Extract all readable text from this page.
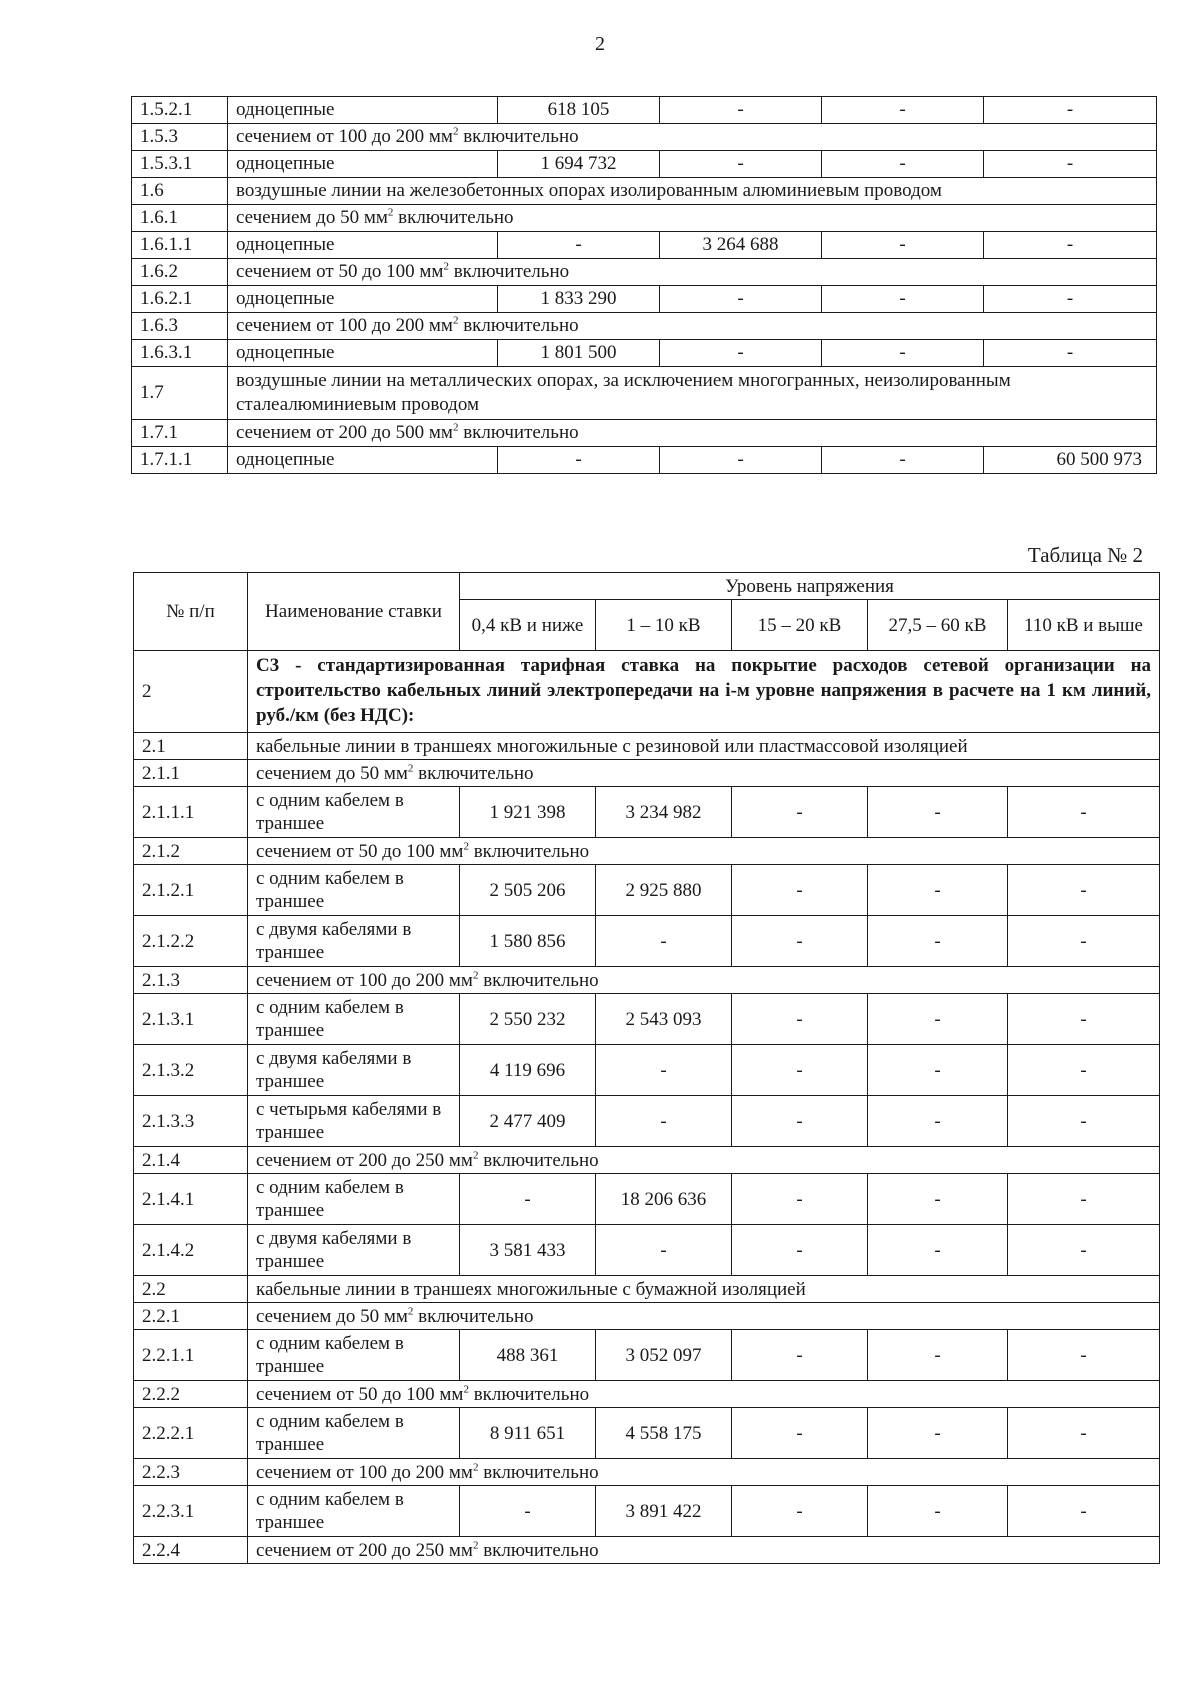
2
1.5.2.1	одноцепные	618 105	-	-	-
1.5.3	сечением от 100 до 200 $мм^2$ включительно				
1.5.3.1	одноцепные	1 694 732	-	-	-
1.6	воздушные линии на железобетонных опорах изолированным алюминиевым проводом				
1.6.1	сечением до 50 $мм^2$ включительно				
1.6.1.1	одноцепные	-	3 264 688	-	-
1.6.2	сечением от 50 до 100 $мм^2$ включительно				
1.6.2.1	одноцепные	1 833 290	-	-	-
1.6.3	сечением от 100 до 200 $мм^2$ включительно				
1.6.3.1	одноцепные	1 801 500	-	-	-
1.7	воздушные линии на металлических опорах, за исключением многогранных, неизолированным сталеалюминиевым проводом				
1.7.1	сечением от 200 до 500 $мм^2$ включительно				
1.7.1.1	одноцепные	-	-	-	60 500 973
Таблица № 2
№ п/п	Наименование ставки	Уровень напряжения				
		0,4 кВ и ниже	1 – 10 кВ	15 – 20 кВ	27,5 – 60 кВ	110 кВ и выше
2	С3 - стандартизированная тарифная ставка на покрытие расходов сетевой организации на строительство кабельных линий электропередачи на i-м уровне напряжения в расчете на 1 км линий, руб./км (без НДС):					
2.1	кабельные линии в траншеях многожильные с резиновой или пластмассовой изоляцией					
2.1.1	сечением до 50 $мм^2$ включительно					
2.1.1.1	с одним кабелем в траншее	1 921 398	3 234 982	-	-	-
2.1.2	сечением от 50 до 100 $мм^2$ включительно					
2.1.2.1	с одним кабелем в траншее	2 505 206	2 925 880	-	-	-
2.1.2.2	с двумя кабелями в траншее	1 580 856	-	-	-	-
2.1.3	сечением от 100 до 200 $мм^2$ включительно					
2.1.3.1	с одним кабелем в траншее	2 550 232	2 543 093	-	-	-
2.1.3.2	с двумя кабелями в траншее	4 119 696	-	-	-	-
2.1.3.3	с четырьмя кабелями в траншее	2 477 409	-	-	-	-
2.1.4	сечением от 200 до 250 $мм^2$ включительно					
2.1.4.1	с одним кабелем в траншее	-	18 206 636	-	-	-
2.1.4.2	с двумя кабелями в траншее	3 581 433	-	-	-	-
2.2	кабельные линии в траншеях многожильные с бумажной изоляцией					
2.2.1	сечением до 50 $мм^2$ включительно					
2.2.1.1	с одним кабелем в траншее	488 361	3 052 097	-	-	-
2.2.2	сечением от 50 до 100 $мм^2$ включительно					
2.2.2.1	с одним кабелем в траншее	8 911 651	4 558 175	-	-	-
2.2.3	сечением от 100 до 200 $мм^2$ включительно					
2.2.3.1	с одним кабелем в траншее	-	3 891 422	-	-	-
2.2.4	сечением от 200 до 250 $мм^2$ включительно					
